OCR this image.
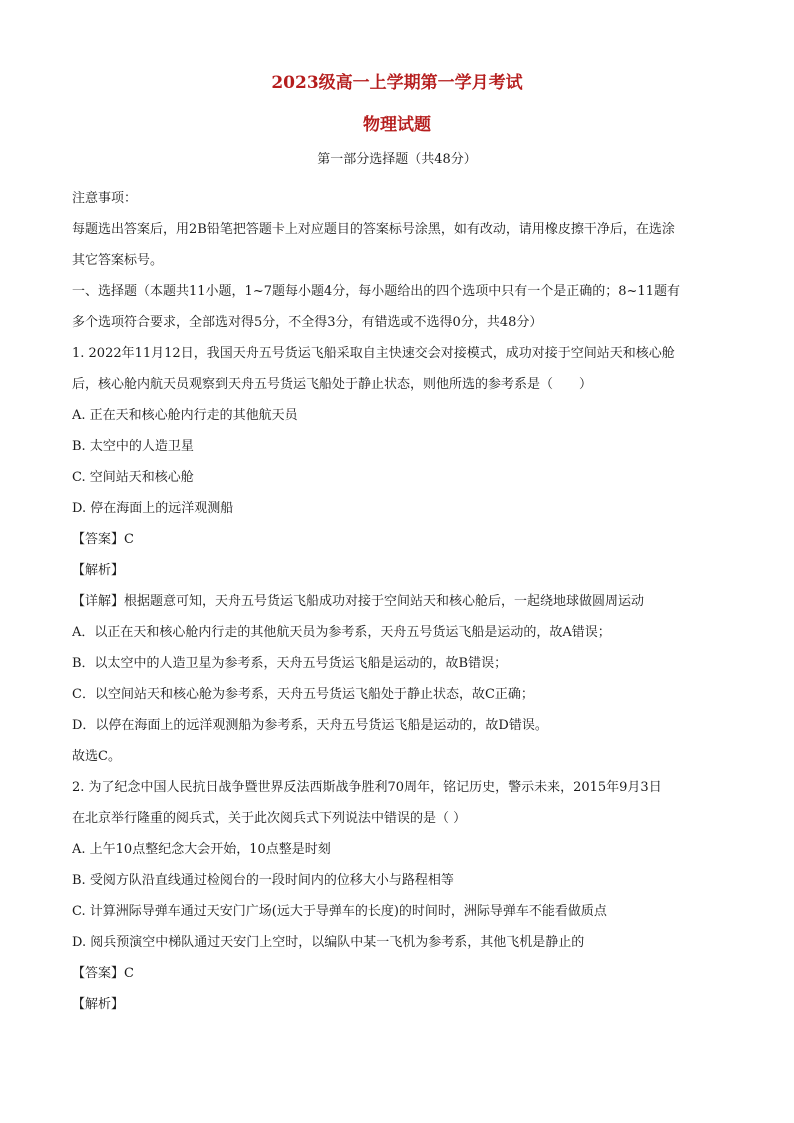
2023级高一上学期第一学月考试
物理试题
第一部分选择题（共48分）
注意事项：
每题选出答案后，用2B铅笔把答题卡上对应题目的答案标号涂黑，如有改动，请用橡皮擦干净后，在选涂
其它答案标号。
一、选择题（本题共11小题，1~7题每小题4分，每小题给出的四个选项中只有一个是正确的；8~11题有
多个选项符合要求，全部选对得5分，不全得3分，有错选或不选得0分，共48分）
1. 2022年11月12日，我国天舟五号货运飞船采取自主快速交会对接模式，成功对接于空间站天和核心舱
后，核心舱内航天员观察到天舟五号货运飞船处于静止状态，则他所选的参考系是（　　）
A. 正在天和核心舱内行走的其他航天员
B. 太空中的人造卫星
C. 空间站天和核心舱
D. 停在海面上的远洋观测船
【答案】C
【解析】
【详解】根据题意可知，天舟五号货运飞船成功对接于空间站天和核心舱后，一起绕地球做圆周运动
A．以正在天和核心舱内行走的其他航天员为参考系，天舟五号货运飞船是运动的，故A错误；
B．以太空中的人造卫星为参考系，天舟五号货运飞船是运动的，故B错误；
C．以空间站天和核心舱为参考系，天舟五号货运飞船处于静止状态，故C正确；
D．以停在海面上的远洋观测船为参考系，天舟五号货运飞船是运动的，故D错误。
故选C。
2. 为了纪念中国人民抗日战争暨世界反法西斯战争胜利70周年，铭记历史，警示未来，2015年9月3日
在北京举行隆重的阅兵式，关于此次阅兵式下列说法中错误的是（ ）
A. 上午10点整纪念大会开始，10点整是时刻
B. 受阅方队沿直线通过检阅台的一段时间内的位移大小与路程相等
C. 计算洲际导弹车通过天安门广场(远大于导弹车的长度)的时间时，洲际导弹车不能看做质点
D. 阅兵预演空中梯队通过天安门上空时，以编队中某一飞机为参考系，其他飞机是静止的
【答案】C
【解析】
